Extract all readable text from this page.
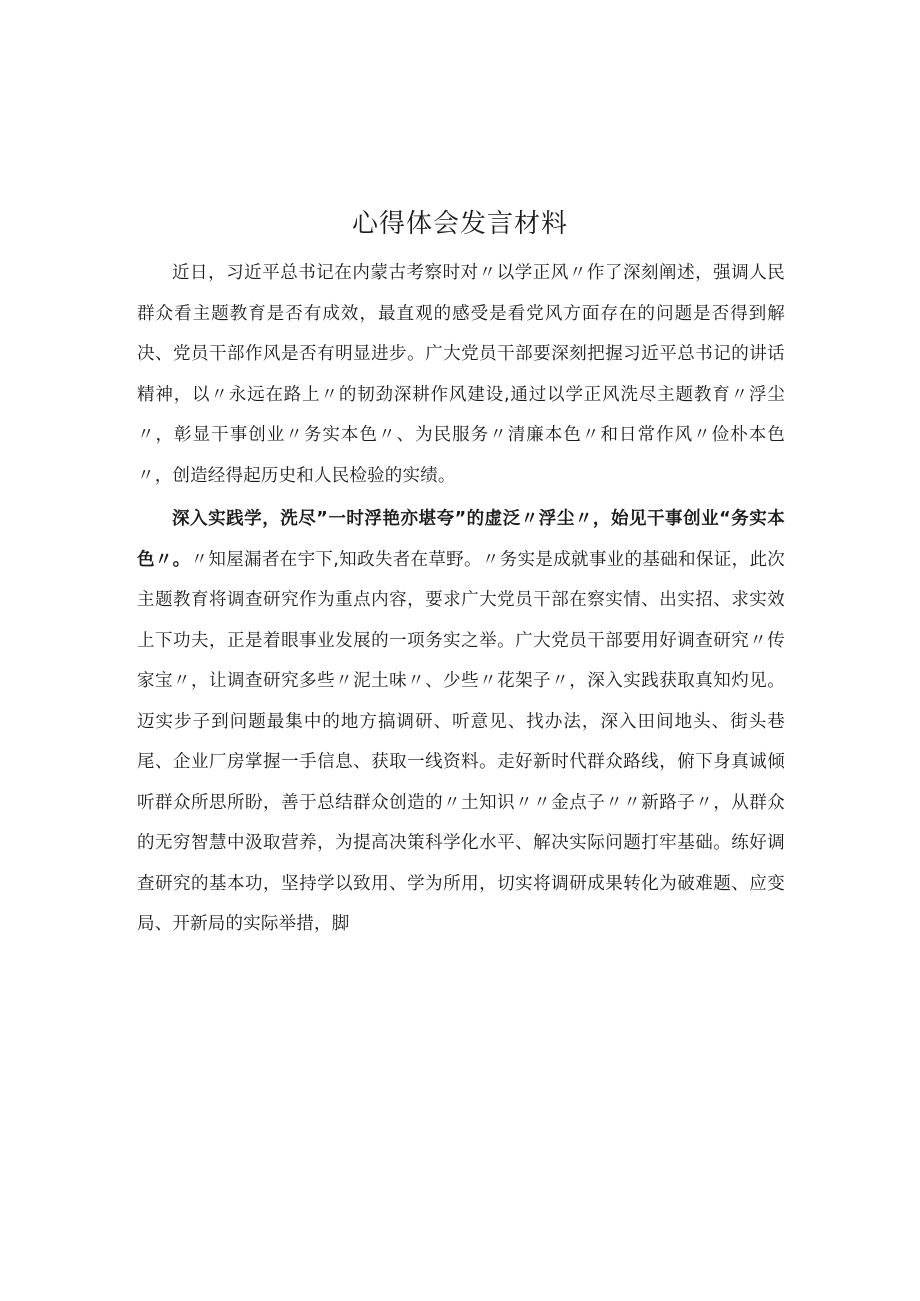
心得体会发言材料

近日，习近平总书记在内蒙古考察时对〃以学正风〃作了深刻阐述，强调人民群众看主题教育是否有成效，最直观的感受是看党风方面存在的问题是否得到解决、党员干部作风是否有明显进步。广大党员干部要深刻把握习近平总书记的讲话精神，以〃永远在路上〃的韧劲深耕作风建设,通过以学正风洗尽主题教育〃浮尘〃，彰显干事创业〃务实本色〃、为民服务〃清廉本色〃和日常作风〃俭朴本色〃，创造经得起历史和人民检验的实绩。

深入实践学，洗尽”一时浮艳亦堪夸”的虚泛〃浮尘〃，始见干事创业“务实本色〃。〃知屋漏者在宇下,知政失者在草野。〃务实是成就事业的基础和保证，此次主题教育将调查研究作为重点内容，要求广大党员干部在察实情、出实招、求实效上下功夫，正是着眼事业发展的一项务实之举。广大党员干部要用好调查研究〃传家宝〃，让调查研究多些〃泥土味〃、少些〃花架子〃，深入实践获取真知灼见。迈实步子到问题最集中的地方搞调研、听意见、找办法，深入田间地头、街头巷尾、企业厂房掌握一手信息、获取一线资料。走好新时代群众路线，俯下身真诚倾听群众所思所盼，善于总结群众创造的〃土知识〃〃金点子〃〃新路子〃，从群众的无穷智慧中汲取营养，为提高决策科学化水平、解决实际问题打牢基础。练好调查研究的基本功，坚持学以致用、学为所用，切实将调研成果转化为破难题、应变局、开新局的实际举措，脚
